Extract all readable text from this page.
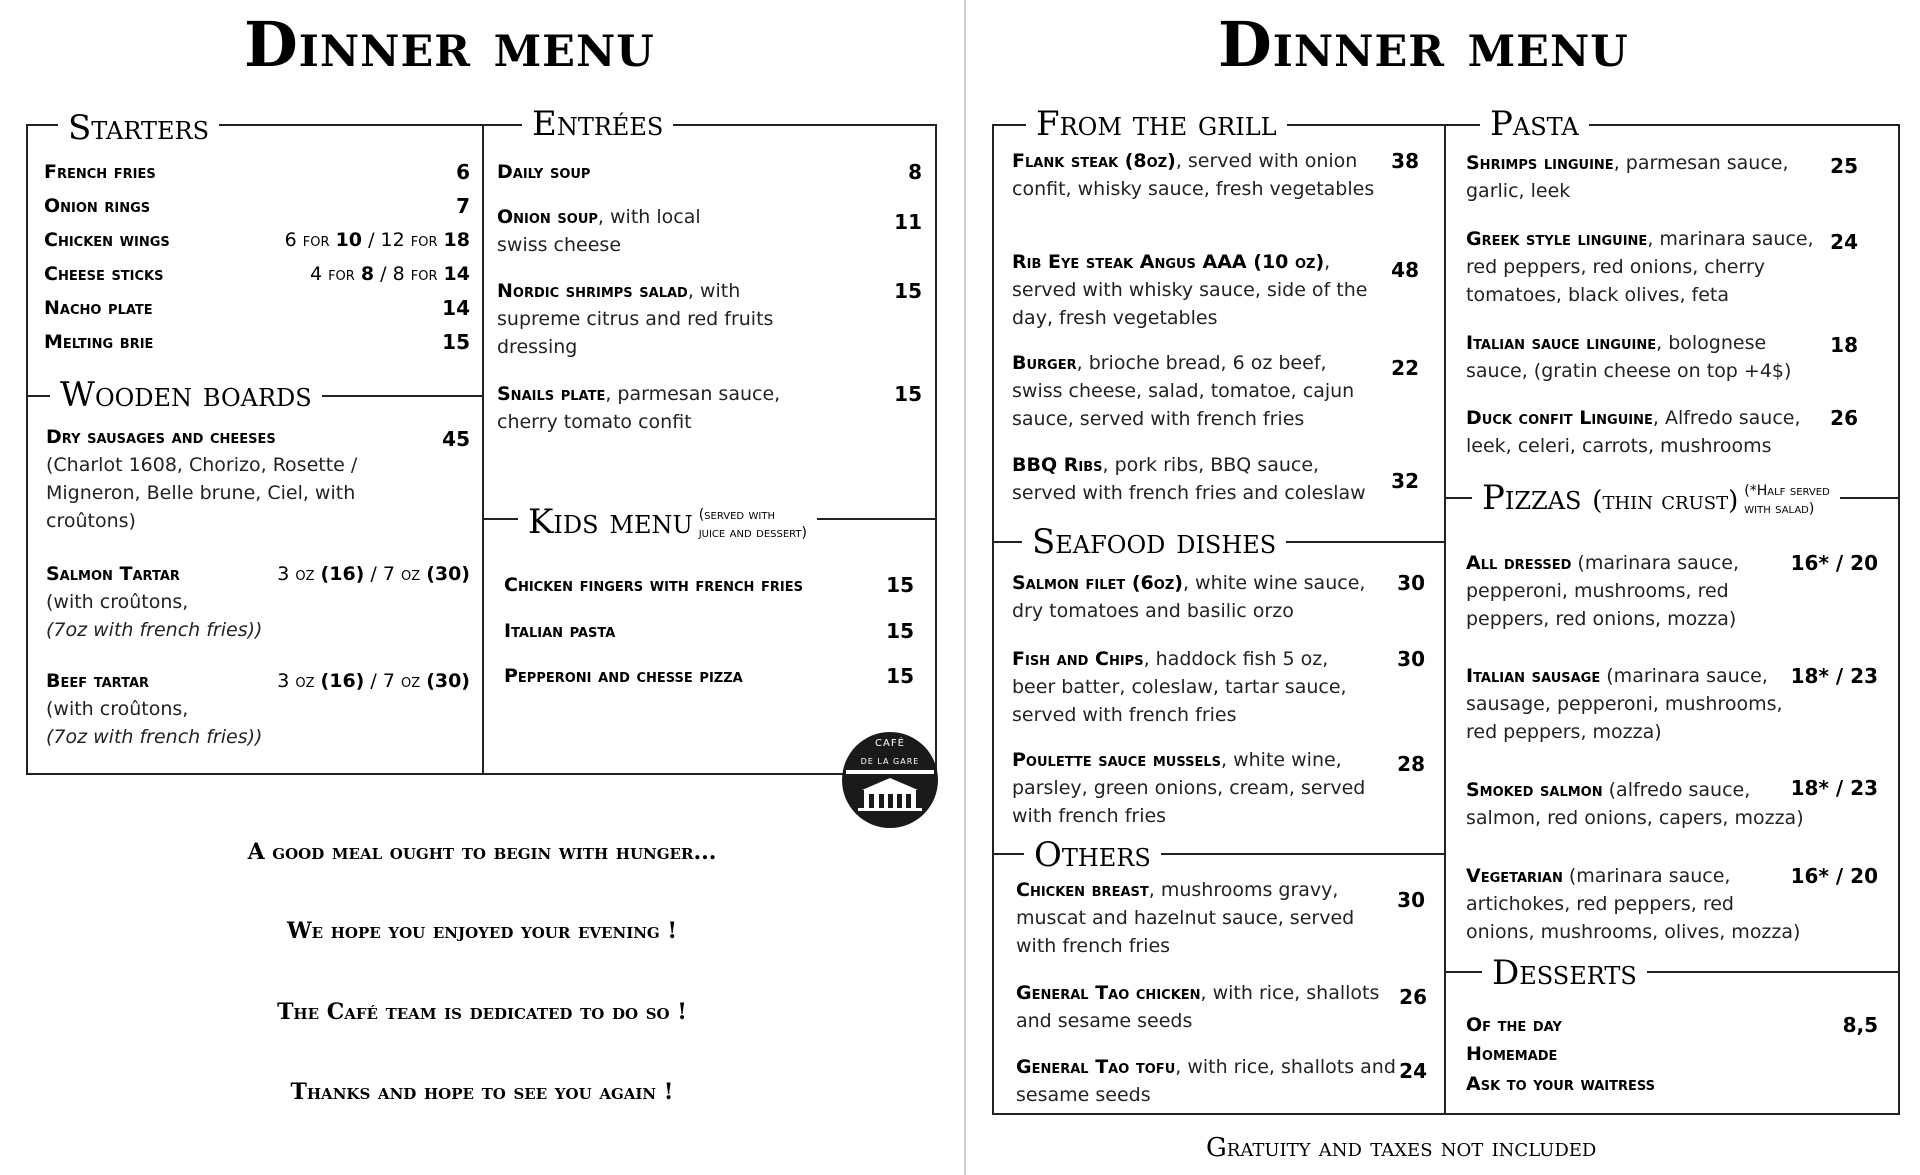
Dinner menu
Starters
French fries	6
Onion rings	7
Chicken wings	6 for 10 / 12 for 18
Cheese sticks	4 for 8 / 8 for 14
Nacho plate	14
Melting brie	15
Wooden boards
Dry sausages and cheeses
(Charlot 1608, Chorizo, Rosette / Migneron, Belle brune, Ciel, with croûtons)
45
Salmon Tartar
(with croûtons,
(7oz with french fries))
3 oz (16) / 7 oz (30)
Beef tartar
(with croûtons,
(7oz with french fries))
3 oz (16) / 7 oz (30)
Entrées
Daily soup	8
Onion soup, with local swiss cheese
11
Nordic shrimps salad, with supreme citrus and red fruits dressing
15
Snails plate, parmesan sauce, cherry tomato confit
15
Kids menu (served with
juice and dessert)
Chicken fingers with french fries	15
Italian pasta	15
Pepperoni and chesse pizza	15
CAFÉ
DE LA GARE
A good meal ought to begin with hunger...
We hope you enjoyed your evening !
The Café team is dedicated to do so !
Thanks and hope to see you again !
Dinner menu
From the grill
Flank steak (8oz), served with onion confit, whisky sauce, fresh vegetables
38
Rib Eye steak Angus AAA (10 oz), served with whisky sauce, side of the day, fresh vegetables
48
Burger, brioche bread, 6 oz beef, swiss cheese, salad, tomatoe, cajun sauce, served with french fries
22
BBQ Ribs, pork ribs, BBQ sauce, served with french fries and coleslaw	32
Seafood dishes
Salmon filet (6oz), white wine sauce, dry tomatoes and basilic orzo
30
Fish and Chips, haddock fish 5 oz, beer batter, coleslaw, tartar sauce, served with french fries
30
Poulette sauce mussels, white wine, parsley, green onions, cream, served with french fries
28
Others
Chicken breast, mushrooms gravy, muscat and hazelnut sauce, served with french fries
30
General Tao chicken, with rice, shallots and sesame seeds
26
General Tao tofu, with rice, shallots and sesame seeds
24
Pasta
Shrimps linguine, parmesan sauce, garlic, leek
25
Greek style linguine, marinara sauce, red peppers, red onions, cherry tomatoes, black olives, feta
24
Italian sauce linguine, bolognese sauce, (gratin cheese on top +4$)
18
Duck confit Linguine, Alfredo sauce, leek, celeri, carrots, mushrooms
26
Pizzas (thin crust) (*Half served
with salad)
All dressed (marinara sauce, pepperoni, mushrooms, red peppers, red onions, mozza)
16* / 20
Italian sausage (marinara sauce, sausage, pepperoni, mushrooms, red peppers, mozza)
18* / 23
Smoked salmon (alfredo sauce, salmon, red onions, capers, mozza)
18* / 23
Vegetarian (marinara sauce, artichokes, red peppers, red onions, mushrooms, olives, mozza)
16* / 20
Desserts
Of the day
Homemade
Ask to your waitress
8,5
Gratuity and taxes not included
